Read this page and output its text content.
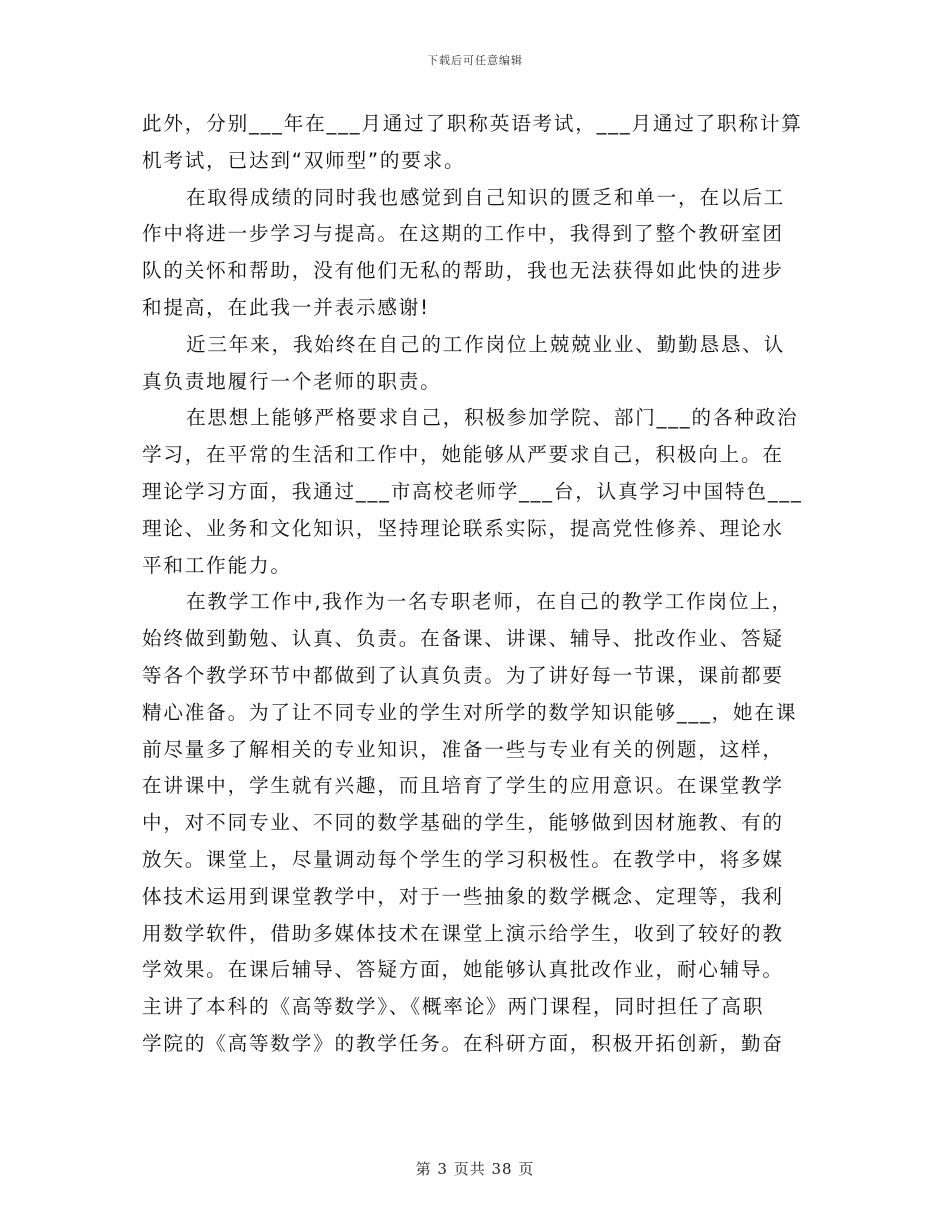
下载后可任意编辑
此外，分别___年在___月通过了职称英语考试，___月通过了职称计算
机考试，已达到“双师型”的要求。
在取得成绩的同时我也感觉到自己知识的匮乏和单一，在以后工
作中将进一步学习与提高。在这期的工作中，我得到了整个教研室团
队的关怀和帮助，没有他们无私的帮助，我也无法获得如此快的进步
和提高，在此我一并表示感谢!
近三年来，我始终在自己的工作岗位上兢兢业业、勤勤恳恳、认
真负责地履行一个老师的职责。
在思想上能够严格要求自己，积极参加学院、部门___的各种政治
学习，在平常的生活和工作中，她能够从严要求自己，积极向上。在
理论学习方面，我通过___市高校老师学___台，认真学习中国特色___
理论、业务和文化知识，坚持理论联系实际，提高党性修养、理论水
平和工作能力。
在教学工作中,我作为一名专职老师，在自己的教学工作岗位上，
始终做到勤勉、认真、负责。在备课、讲课、辅导、批改作业、答疑
等各个教学环节中都做到了认真负责。为了讲好每一节课，课前都要
精心准备。为了让不同专业的学生对所学的数学知识能够___，她在课
前尽量多了解相关的专业知识，准备一些与专业有关的例题，这样，
在讲课中，学生就有兴趣，而且培育了学生的应用意识。在课堂教学
中，对不同专业、不同的数学基础的学生，能够做到因材施教、有的
放矢。课堂上，尽量调动每个学生的学习积极性。在教学中，将多媒
体技术运用到课堂教学中，对于一些抽象的数学概念、定理等，我利
用数学软件，借助多媒体技术在课堂上演示给学生，收到了较好的教
学效果。在课后辅导、答疑方面，她能够认真批改作业，耐心辅导。
主讲了本科的《高等数学》、《概率论》两门课程，同时担任了高职
学院的《高等数学》的教学任务。在科研方面，积极开拓创新，勤奋
第 3 页共 38 页
